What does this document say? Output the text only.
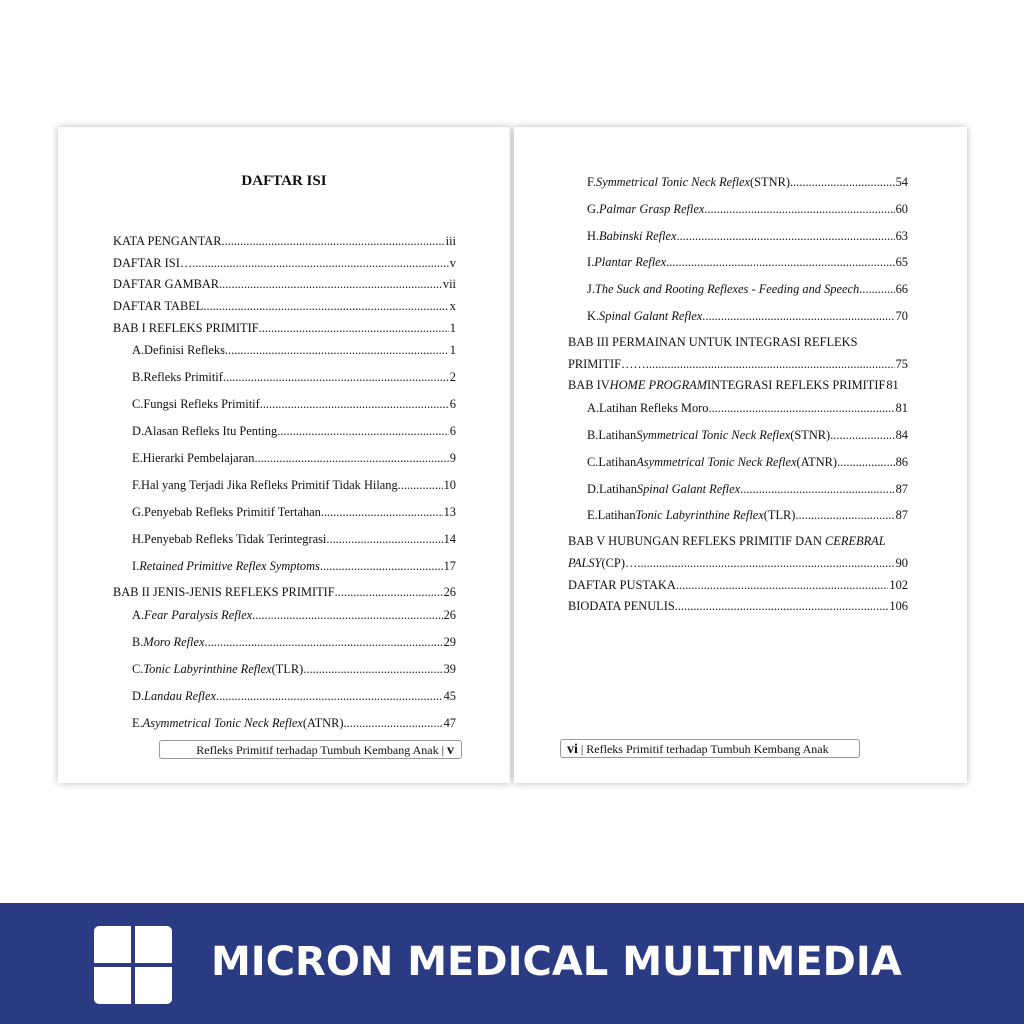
DAFTAR ISI
KATA PENGANTAR .....	iii
DAFTAR ISI… .....	v
DAFTAR GAMBAR .....	vii
DAFTAR TABEL .....	x
BAB I REFLEKS PRIMITIF .....	1
A. Definisi Refleks .....	1
B. Refleks Primitif .....	2
C. Fungsi Refleks Primitif .....	6
D. Alasan Refleks Itu Penting .....	6
E. Hierarki Pembelajaran .....	9
F. Hal yang Terjadi Jika Refleks Primitif Tidak Hilang .....	10
G. Penyebab Refleks Primitif Tertahan .....	13
H. Penyebab Refleks Tidak Terintegrasi .....	14
I. Retained Primitive Reflex Symptoms .....	17
BAB II JENIS-JENIS REFLEKS PRIMITIF .....	26
A. Fear Paralysis Reflex .....	26
B. Moro Reflex .....	29
C. Tonic Labyrinthine Reflex (TLR) .....	39
D. Landau Reflex .....	45
E. Asymmetrical Tonic Neck Reflex (ATNR) .....	47
Refleks Primitif terhadap Tumbuh Kembang Anak | v
F. Symmetrical Tonic Neck Reflex (STNR) .....	54
G. Palmar Grasp Reflex .....	60
H. Babinski Reflex .....	63
I. Plantar Reflex .....	65
J. The Suck and Rooting Reflexes - Feeding and Speech .....	66
K. Spinal Galant Reflex .....	70
BAB III PERMAINAN UNTUK INTEGRASI REFLEKS
PRIMITIF…… .....	75
BAB IV HOME PROGRAM INTEGRASI REFLEKS PRIMITIF 81
A. Latihan Refleks Moro .....	81
B. Latihan Symmetrical Tonic Neck Reflex (STNR) .....	84
C. Latihan Asymmetrical Tonic Neck Reflex (ATNR) .....	86
D. Latihan Spinal Galant Reflex .....	87
E. Latihan Tonic Labyrinthine Reflex (TLR) .....	87
BAB V HUBUNGAN REFLEKS PRIMITIF DAN CEREBRAL
PALSY (CP)… .....	90
DAFTAR PUSTAKA .....	102
BIODATA PENULIS .....	106
vi | Refleks Primitif terhadap Tumbuh Kembang Anak
MICRON MEDICAL MULTIMEDIA
